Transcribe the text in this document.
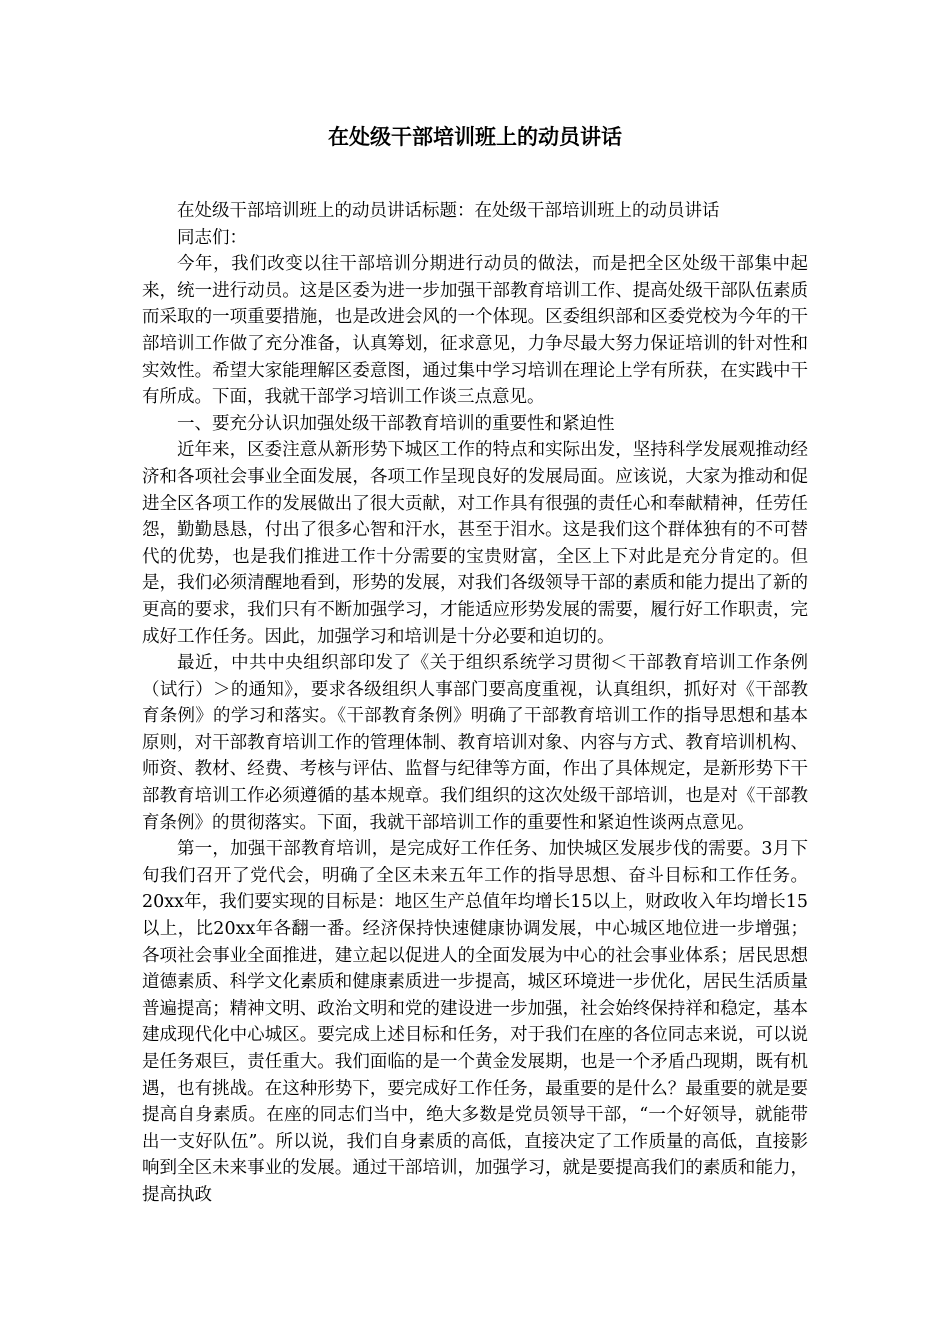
在处级干部培训班上的动员讲话

在处级干部培训班上的动员讲话标题：在处级干部培训班上的动员讲话

同志们：

今年，我们改变以往干部培训分期进行动员的做法，而是把全区处级干部集中起来，统一进行动员。这是区委为进一步加强干部教育培训工作、提高处级干部队伍素质而采取的一项重要措施，也是改进会风的一个体现。区委组织部和区委党校为今年的干部培训工作做了充分准备，认真筹划，征求意见，力争尽最大努力保证培训的针对性和实效性。希望大家能理解区委意图，通过集中学习培训在理论上学有所获，在实践中干有所成。下面，我就干部学习培训工作谈三点意见。

一、要充分认识加强处级干部教育培训的重要性和紧迫性

近年来，区委注意从新形势下城区工作的特点和实际出发，坚持科学发展观推动经济和各项社会事业全面发展，各项工作呈现良好的发展局面。应该说，大家为推动和促进全区各项工作的发展做出了很大贡献，对工作具有很强的责任心和奉献精神，任劳任怨，勤勤恳恳，付出了很多心智和汗水，甚至于泪水。这是我们这个群体独有的不可替代的优势，也是我们推进工作十分需要的宝贵财富，全区上下对此是充分肯定的。但是，我们必须清醒地看到，形势的发展，对我们各级领导干部的素质和能力提出了新的更高的要求，我们只有不断加强学习，才能适应形势发展的需要，履行好工作职责，完成好工作任务。因此，加强学习和培训是十分必要和迫切的。

最近，中共中央组织部印发了《关于组织系统学习贯彻＜干部教育培训工作条例（试行）＞的通知》，要求各级组织人事部门要高度重视，认真组织，抓好对《干部教育条例》的学习和落实。《干部教育条例》明确了干部教育培训工作的指导思想和基本原则，对干部教育培训工作的管理体制、教育培训对象、内容与方式、教育培训机构、师资、教材、经费、考核与评估、监督与纪律等方面，作出了具体规定，是新形势下干部教育培训工作必须遵循的基本规章。我们组织的这次处级干部培训，也是对《干部教育条例》的贯彻落实。下面，我就干部培训工作的重要性和紧迫性谈两点意见。

第一，加强干部教育培训，是完成好工作任务、加快城区发展步伐的需要。3月下旬我们召开了党代会，明确了全区未来五年工作的指导思想、奋斗目标和工作任务。20xx年，我们要实现的目标是：地区生产总值年均增长15以上，财政收入年均增长15以上，比20xx年各翻一番。经济保持快速健康协调发展，中心城区地位进一步增强；各项社会事业全面推进，建立起以促进人的全面发展为中心的社会事业体系；居民思想道德素质、科学文化素质和健康素质进一步提高，城区环境进一步优化，居民生活质量普遍提高；精神文明、政治文明和党的建设进一步加强，社会始终保持祥和稳定，基本建成现代化中心城区。要完成上述目标和任务，对于我们在座的各位同志来说，可以说是任务艰巨，责任重大。我们面临的是一个黄金发展期，也是一个矛盾凸现期，既有机遇，也有挑战。在这种形势下，要完成好工作任务，最重要的是什么？最重要的就是要提高自身素质。在座的同志们当中，绝大多数是党员领导干部，“一个好领导，就能带出一支好队伍”。所以说，我们自身素质的高低，直接决定了工作质量的高低，直接影响到全区未来事业的发展。通过干部培训，加强学习，就是要提高我们的素质和能力，提高执政
